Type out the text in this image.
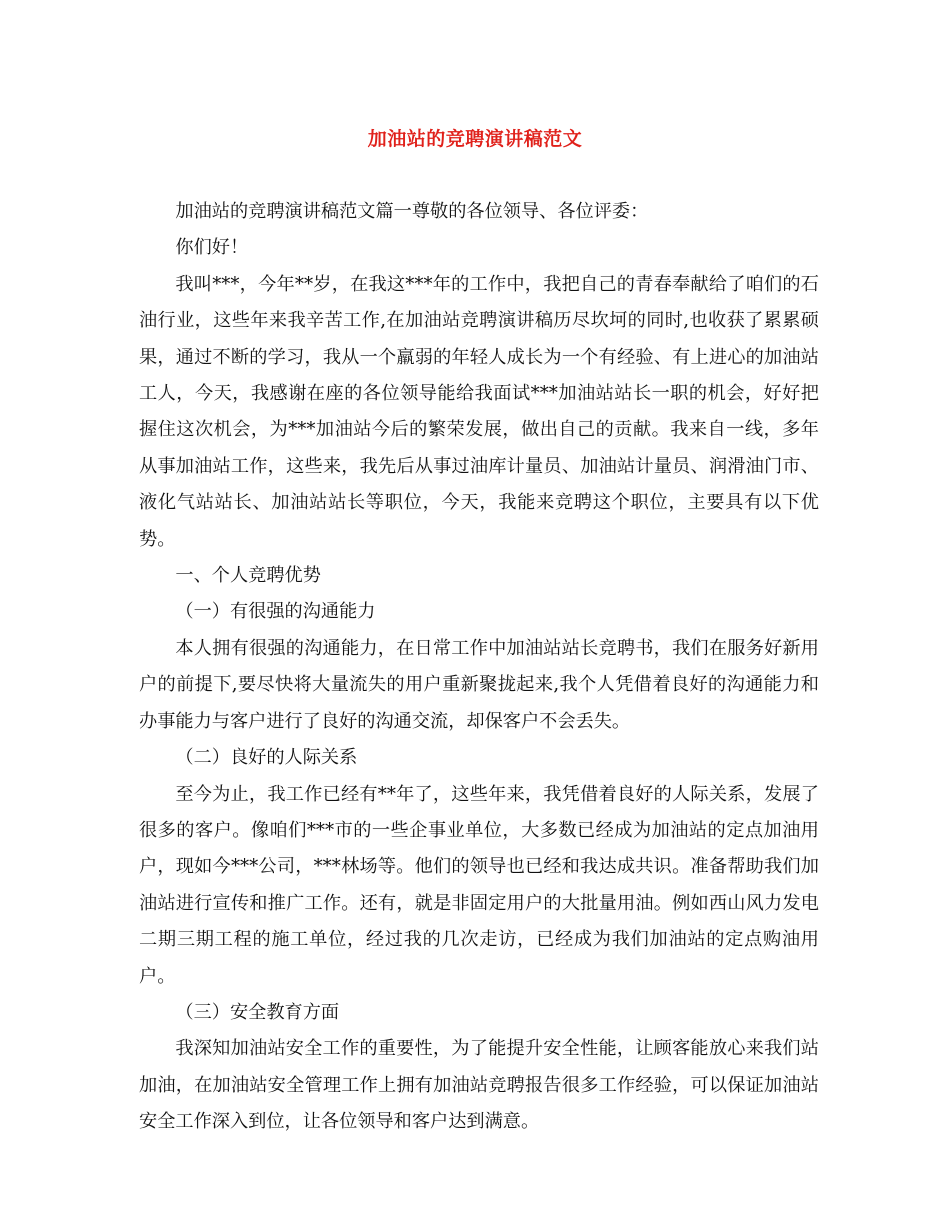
加油站的竞聘演讲稿范文

加油站的竞聘演讲稿范文篇一尊敬的各位领导、各位评委：

你们好！

我叫***，今年**岁，在我这***年的工作中，我把自己的青春奉献给了咱们的石油行业，这些年来我辛苦工作,在加油站竞聘演讲稿历尽坎坷的同时,也收获了累累硕果，通过不断的学习，我从一个羸弱的年轻人成长为一个有经验、有上进心的加油站工人，今天，我感谢在座的各位领导能给我面试***加油站站长一职的机会，好好把握住这次机会，为***加油站今后的繁荣发展，做出自己的贡献。我来自一线，多年从事加油站工作，这些来，我先后从事过油库计量员、加油站计量员、润滑油门市、液化气站站长、加油站站长等职位，今天，我能来竞聘这个职位，主要具有以下优势。

一、个人竞聘优势

（一）有很强的沟通能力

本人拥有很强的沟通能力，在日常工作中加油站站长竞聘书，我们在服务好新用户的前提下,要尽快将大量流失的用户重新聚拢起来,我个人凭借着良好的沟通能力和办事能力与客户进行了良好的沟通交流，却保客户不会丢失。

（二）良好的人际关系

至今为止，我工作已经有**年了，这些年来，我凭借着良好的人际关系，发展了很多的客户。像咱们***市的一些企事业单位，大多数已经成为加油站的定点加油用户，现如今***公司，***林场等。他们的领导也已经和我达成共识。准备帮助我们加油站进行宣传和推广工作。还有，就是非固定用户的大批量用油。例如西山风力发电二期三期工程的施工单位，经过我的几次走访，已经成为我们加油站的定点购油用户。

（三）安全教育方面

我深知加油站安全工作的重要性，为了能提升安全性能，让顾客能放心来我们站加油，在加油站安全管理工作上拥有加油站竞聘报告很多工作经验，可以保证加油站安全工作深入到位，让各位领导和客户达到满意。
